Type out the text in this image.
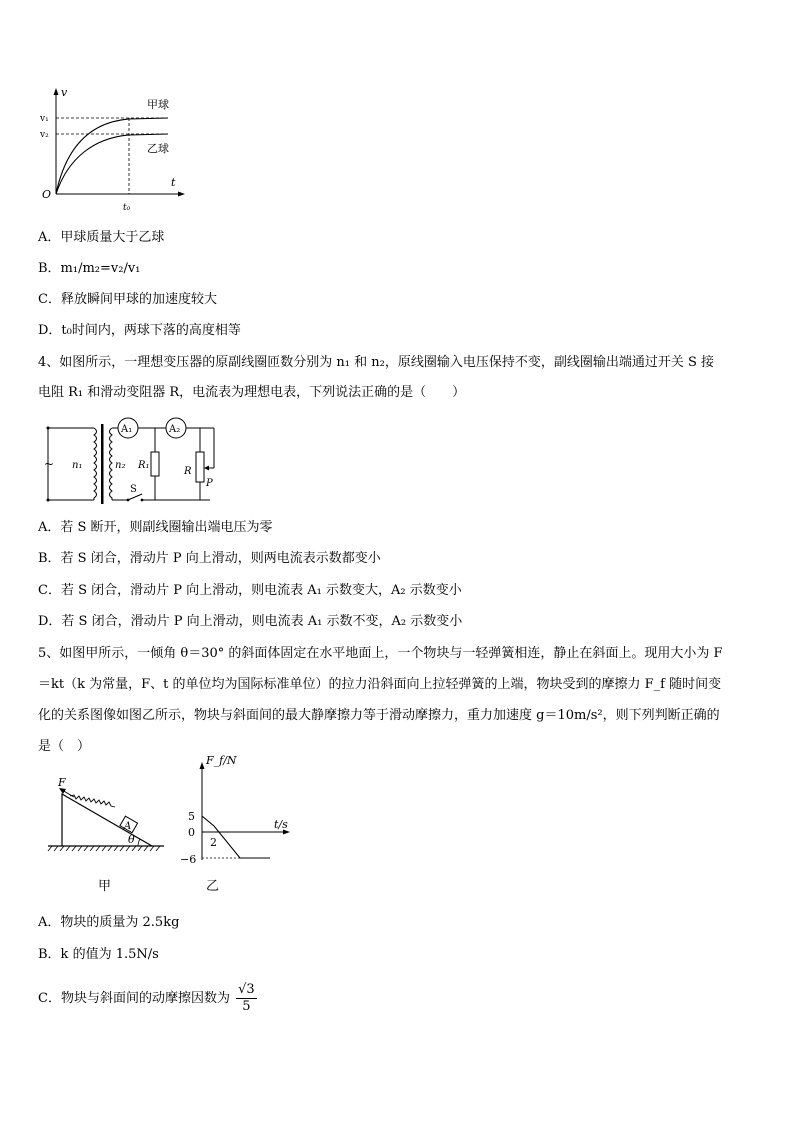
v
t
O
v₁
v₂
t₀
甲球
乙球
A．甲球质量大于乙球
B．m₁/m₂=v₂/v₁
C．释放瞬间甲球的加速度较大
D．t₀时间内，两球下落的高度相等
4、如图所示，一理想变压器的原副线圈匝数分别为 n₁ 和 n₂，原线圈输入电压保持不变，副线圈输出端通过开关 S 接
电阻 R₁ 和滑动变阻器 R，电流表为理想电表，下列说法正确的是（　　）
~ n₁	n₂
A₁	A₂
R₁
R
P
S
A．若 S 断开，则副线圈输出端电压为零
B．若 S 闭合，滑动片 P 向上滑动，则两电流表示数都变小
C．若 S 闭合，滑动片 P 向上滑动，则电流表 A₁ 示数变大，A₂ 示数变小
D．若 S 闭合，滑动片 P 向上滑动，则电流表 A₁ 示数不变，A₂ 示数变小
5、如图甲所示，一倾角 θ＝30° 的斜面体固定在水平地面上，一个物块与一轻弹簧相连，静止在斜面上。现用大小为 F
＝kt（k 为常量，F、t 的单位均为国际标准单位）的拉力沿斜面向上拉轻弹簧的上端，物块受到的摩擦力 F_f 随时间变
化的关系图像如图乙所示，物块与斜面间的最大静摩擦力等于滑动摩擦力，重力加速度 g＝10m/s²，则下列判断正确的
是（　）
F
A
θ
甲
F_f/N
t/s
5
0
2
−6
乙
A．物块的质量为 2.5kg
B．k 的值为 1.5N/s
C．物块与斜面间的动摩擦因数为 $\frac{√3}{5}$
